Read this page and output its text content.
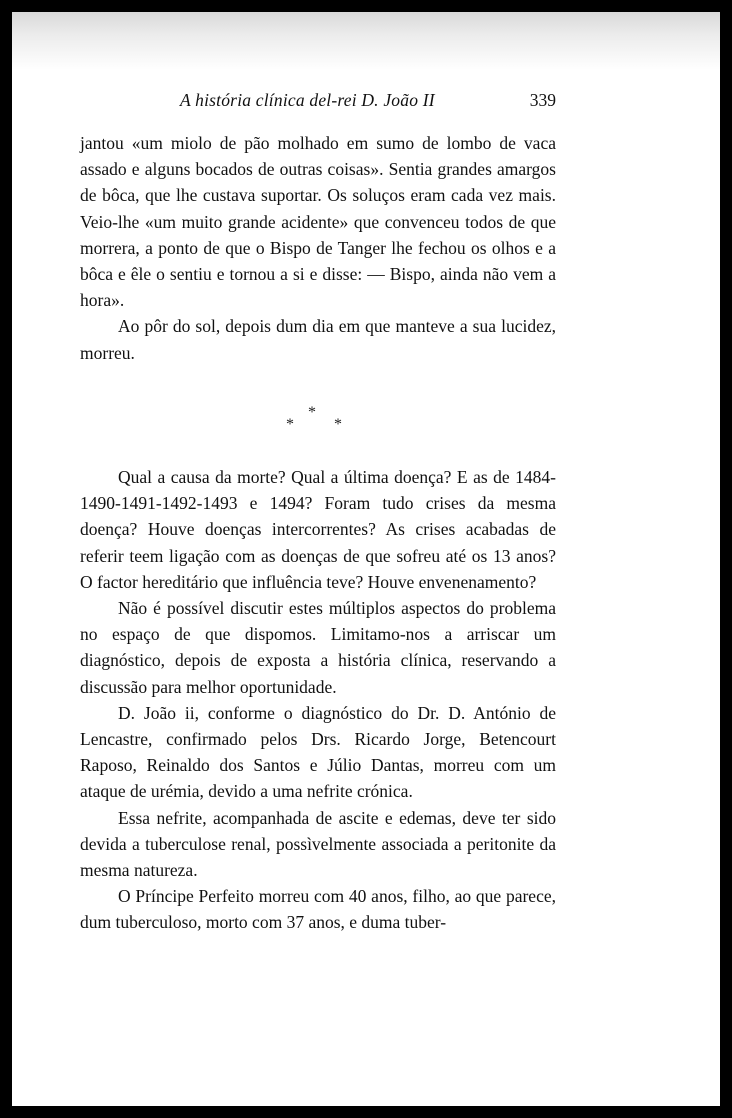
A história clínica del-rei D. João II	339

jantou «um miolo de pão molhado em sumo de lombo de vaca assado e alguns bocados de outras coisas». Sentia grandes amargos de bôca, que lhe custava suportar. Os soluços eram cada vez mais. Veio-lhe «um muito grande acidente» que convenceu todos de que morrera, a ponto de que o Bispo de Tanger lhe fechou os olhos e a bôca e êle o sentiu e tornou a si e disse: — Bispo, ainda não vem a hora».

Ao pôr do sol, depois dum dia em que manteve a sua lucidez, morreu.

*
*	*

Qual a causa da morte? Qual a última doença? E as de 1484-1490-1491-1492-1493 e 1494? Foram tudo crises da mesma doença? Houve doenças intercorrentes? As crises acabadas de referir teem ligação com as doenças de que sofreu até os 13 anos? O factor hereditário que influência teve? Houve envenenamento?

Não é possível discutir estes múltiplos aspectos do problema no espaço de que dispomos. Limitamo-nos a arriscar um diagnóstico, depois de exposta a história clínica, reservando a discussão para melhor oportunidade.

D. João ii, conforme o diagnóstico do Dr. D. António de Lencastre, confirmado pelos Drs. Ricardo Jorge, Betencourt Raposo, Reinaldo dos Santos e Júlio Dantas, morreu com um ataque de urémia, devido a uma nefrite crónica.

Essa nefrite, acompanhada de ascite e edemas, deve ter sido devida a tuberculose renal, possìvelmente associada a peritonite da mesma natureza.

O Príncipe Perfeito morreu com 40 anos, filho, ao que parece, dum tuberculoso, morto com 37 anos, e duma tuber-
